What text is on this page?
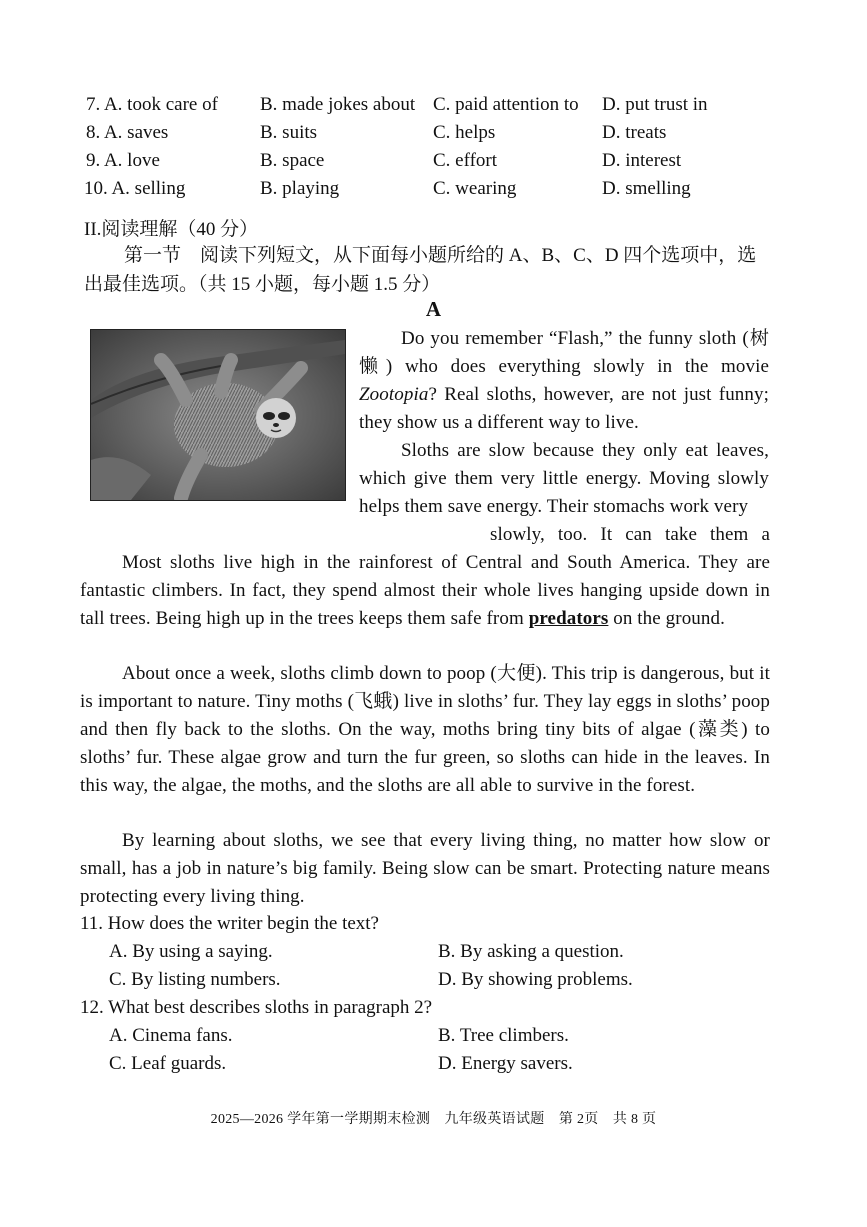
7. A. took care of B. made jokes about C. paid attention to D. put trust in
8. A. saves	B. suits	C. helps	D. treats
9. A. love	B. space	C. effort	D. interest
10. A. selling	B. playing	C. wearing	D. smelling
II.阅读理解（40 分）
第一节　阅读下列短文，从下面每小题所给的 A、B、C、D 四个选项中，选出最佳选项。（共 15 小题，每小题 1.5 分）
A
Do you remember “Flash,” the funny sloth (树懒) who does everything slowly in the movie Zootopia? Real sloths, however, are not just funny; they show us a different way to live.
Sloths are slow because they only eat leaves, which give them very little energy. Moving slowly helps them save energy. Their stomachs work very
slowly, too. It can take them a
Most sloths live high in the rainforest of Central and South America. They are fantastic climbers. In fact, they spend almost their whole lives hanging upside down in tall trees. Being high up in the trees keeps them safe from predators on the ground.
About once a week, sloths climb down to poop (大便). This trip is dangerous, but it is important to nature. Tiny moths (飞蛾) live in sloths’ fur. They lay eggs in sloths’ poop and then fly back to the sloths. On the way, moths bring tiny bits of algae (藻类) to sloths’ fur. These algae grow and turn the fur green, so sloths can hide in the leaves. In this way, the algae, the moths, and the sloths are all able to survive in the forest.
By learning about sloths, we see that every living thing, no matter how slow or small, has a job in nature’s big family. Being slow can be smart. Protecting nature means protecting every living thing.
11. How does the writer begin the text?
A. By using a saying.	B. By asking a question.
C. By listing numbers.	D. By showing problems.
12. What best describes sloths in paragraph 2?
A. Cinema fans.	B. Tree climbers.
C. Leaf guards.	D. Energy savers.
2025—2026 学年第一学期期末检测　九年级英语试题　第 2页　共 8 页
